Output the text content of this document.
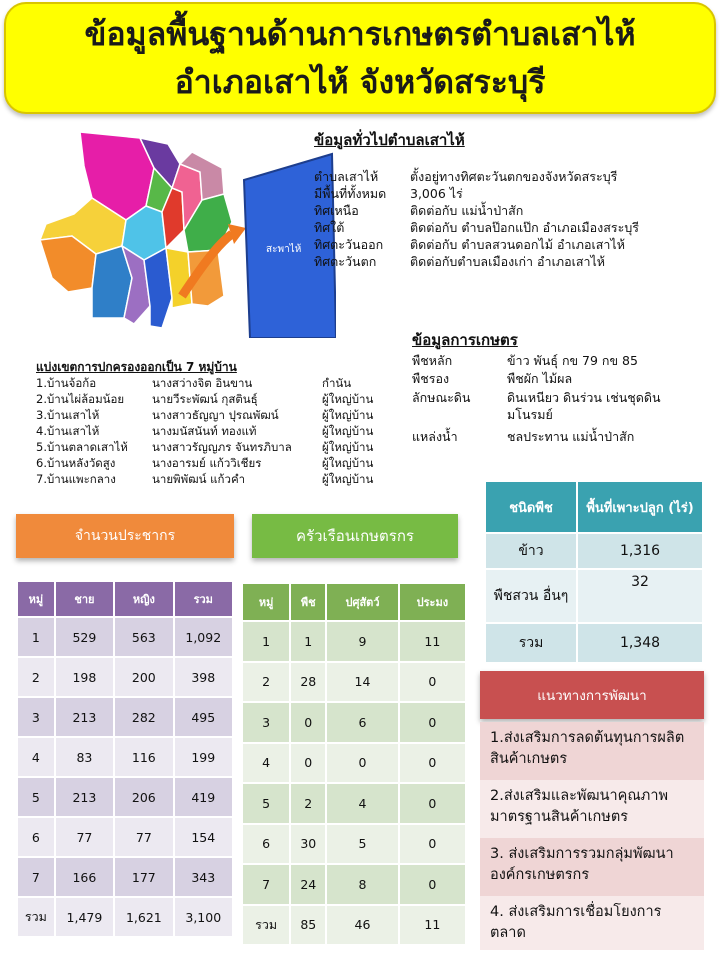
ข้อมูลพื้นฐานด้านการเกษตรตำบลเสาไห้
อำเภอเสาไห้ จังหวัดสระบุรี
สะพาไห้
ข้อมูลทั่วไปตำบลเสาไห้
ตำบลเสาไห้	ตั้งอยู่ทางทิศตะวันตกของจังหวัดสระบุรี
มีพื้นที่ทั้งหมด 3,006 ไร่
ทิศเหนือ	ติดต่อกับ แม่น้ำป่าสัก
ทิศใต้	ติดต่อกับ ตำบลป๊อกแป๊ก อำเภอเมืองสระบุรี
ทิศตะวันออก ติดต่อกับ ตำบลสวนดอกไม้ อำเภอเสาไห้
ทิศตะวันตก	ติดต่อกับตำบลเมืองเก่า อำเภอเสาไห้
ข้อมูลการเกษตร
พืชหลัก	ข้าว พันธุ์ กข 79 กข 85
พืชรอง	พืชผัก ไม้ผล
ลักษณะดิน	ดินเหนียว ดินร่วน เช่นชุดดิน
มโนรมย์
แหล่งน้ำ	ชลประทาน แม่น้ำป่าสัก
แบ่งเขตการปกครองออกเป็น 7 หมู่บ้าน
1.บ้านจ้อก้อ	นางสว่างจิต อินขาน	กำนัน
2.บ้านไผ่ล้อมน้อย นายวีระพัฒน์ กุสตินธุ์	ผู้ใหญ่บ้าน
3.บ้านเสาไห้	นางสาวธัญญา ปุรณพัฒน์	ผู้ใหญ่บ้าน
4.บ้านเสาไห้	นางมนัสนันท์ ทองแท้	ผู้ใหญ่บ้าน
5.บ้านตลาดเสาไห้ นางสาวรัญญภร จันทรภิบาล	ผู้ใหญ่บ้าน
6.บ้านหลังวัดสูง	นางอารมย์ แก้ววิเชียร	ผู้ใหญ่บ้าน
7.บ้านแพะกลาง	นายพิพัฒน์ แก้วคำ	ผู้ใหญ่บ้าน
จำนวนประชากร	ครัวเรือนเกษตรกร
หมู่	ชาย	หญิง	รวม
1	529	563	1,092
2	198	200	398
3	213	282	495
4	83	116	199
5	213	206	419
6	77	77	154
7	166	177	343
รวม	1,479	1,621	3,100
หมู่	พืช	ปศุสัตว์	ประมง
1	1	9	11
2	28	14	0
3	0	6	0
4	0	0	0
5	2	4	0
6	30	5	0
7	24	8	0
รวม	85	46	11
ชนิดพืช	พื้นที่เพาะปลูก (ไร่)
ข้าว	1,316
พืชสวน อื่นๆ	32
รวม	1,348
แนวทางการพัฒนา
1.ส่งเสริมการลดต้นทุนการผลิตสินค้าเกษตร
2.ส่งเสริมและพัฒนาคุณภาพมาตรฐานสินค้าเกษตร
3. ส่งเสริมการรวมกลุ่มพัฒนาองค์กรเกษตรกร
4. ส่งเสริมการเชื่อมโยงการตลาด
